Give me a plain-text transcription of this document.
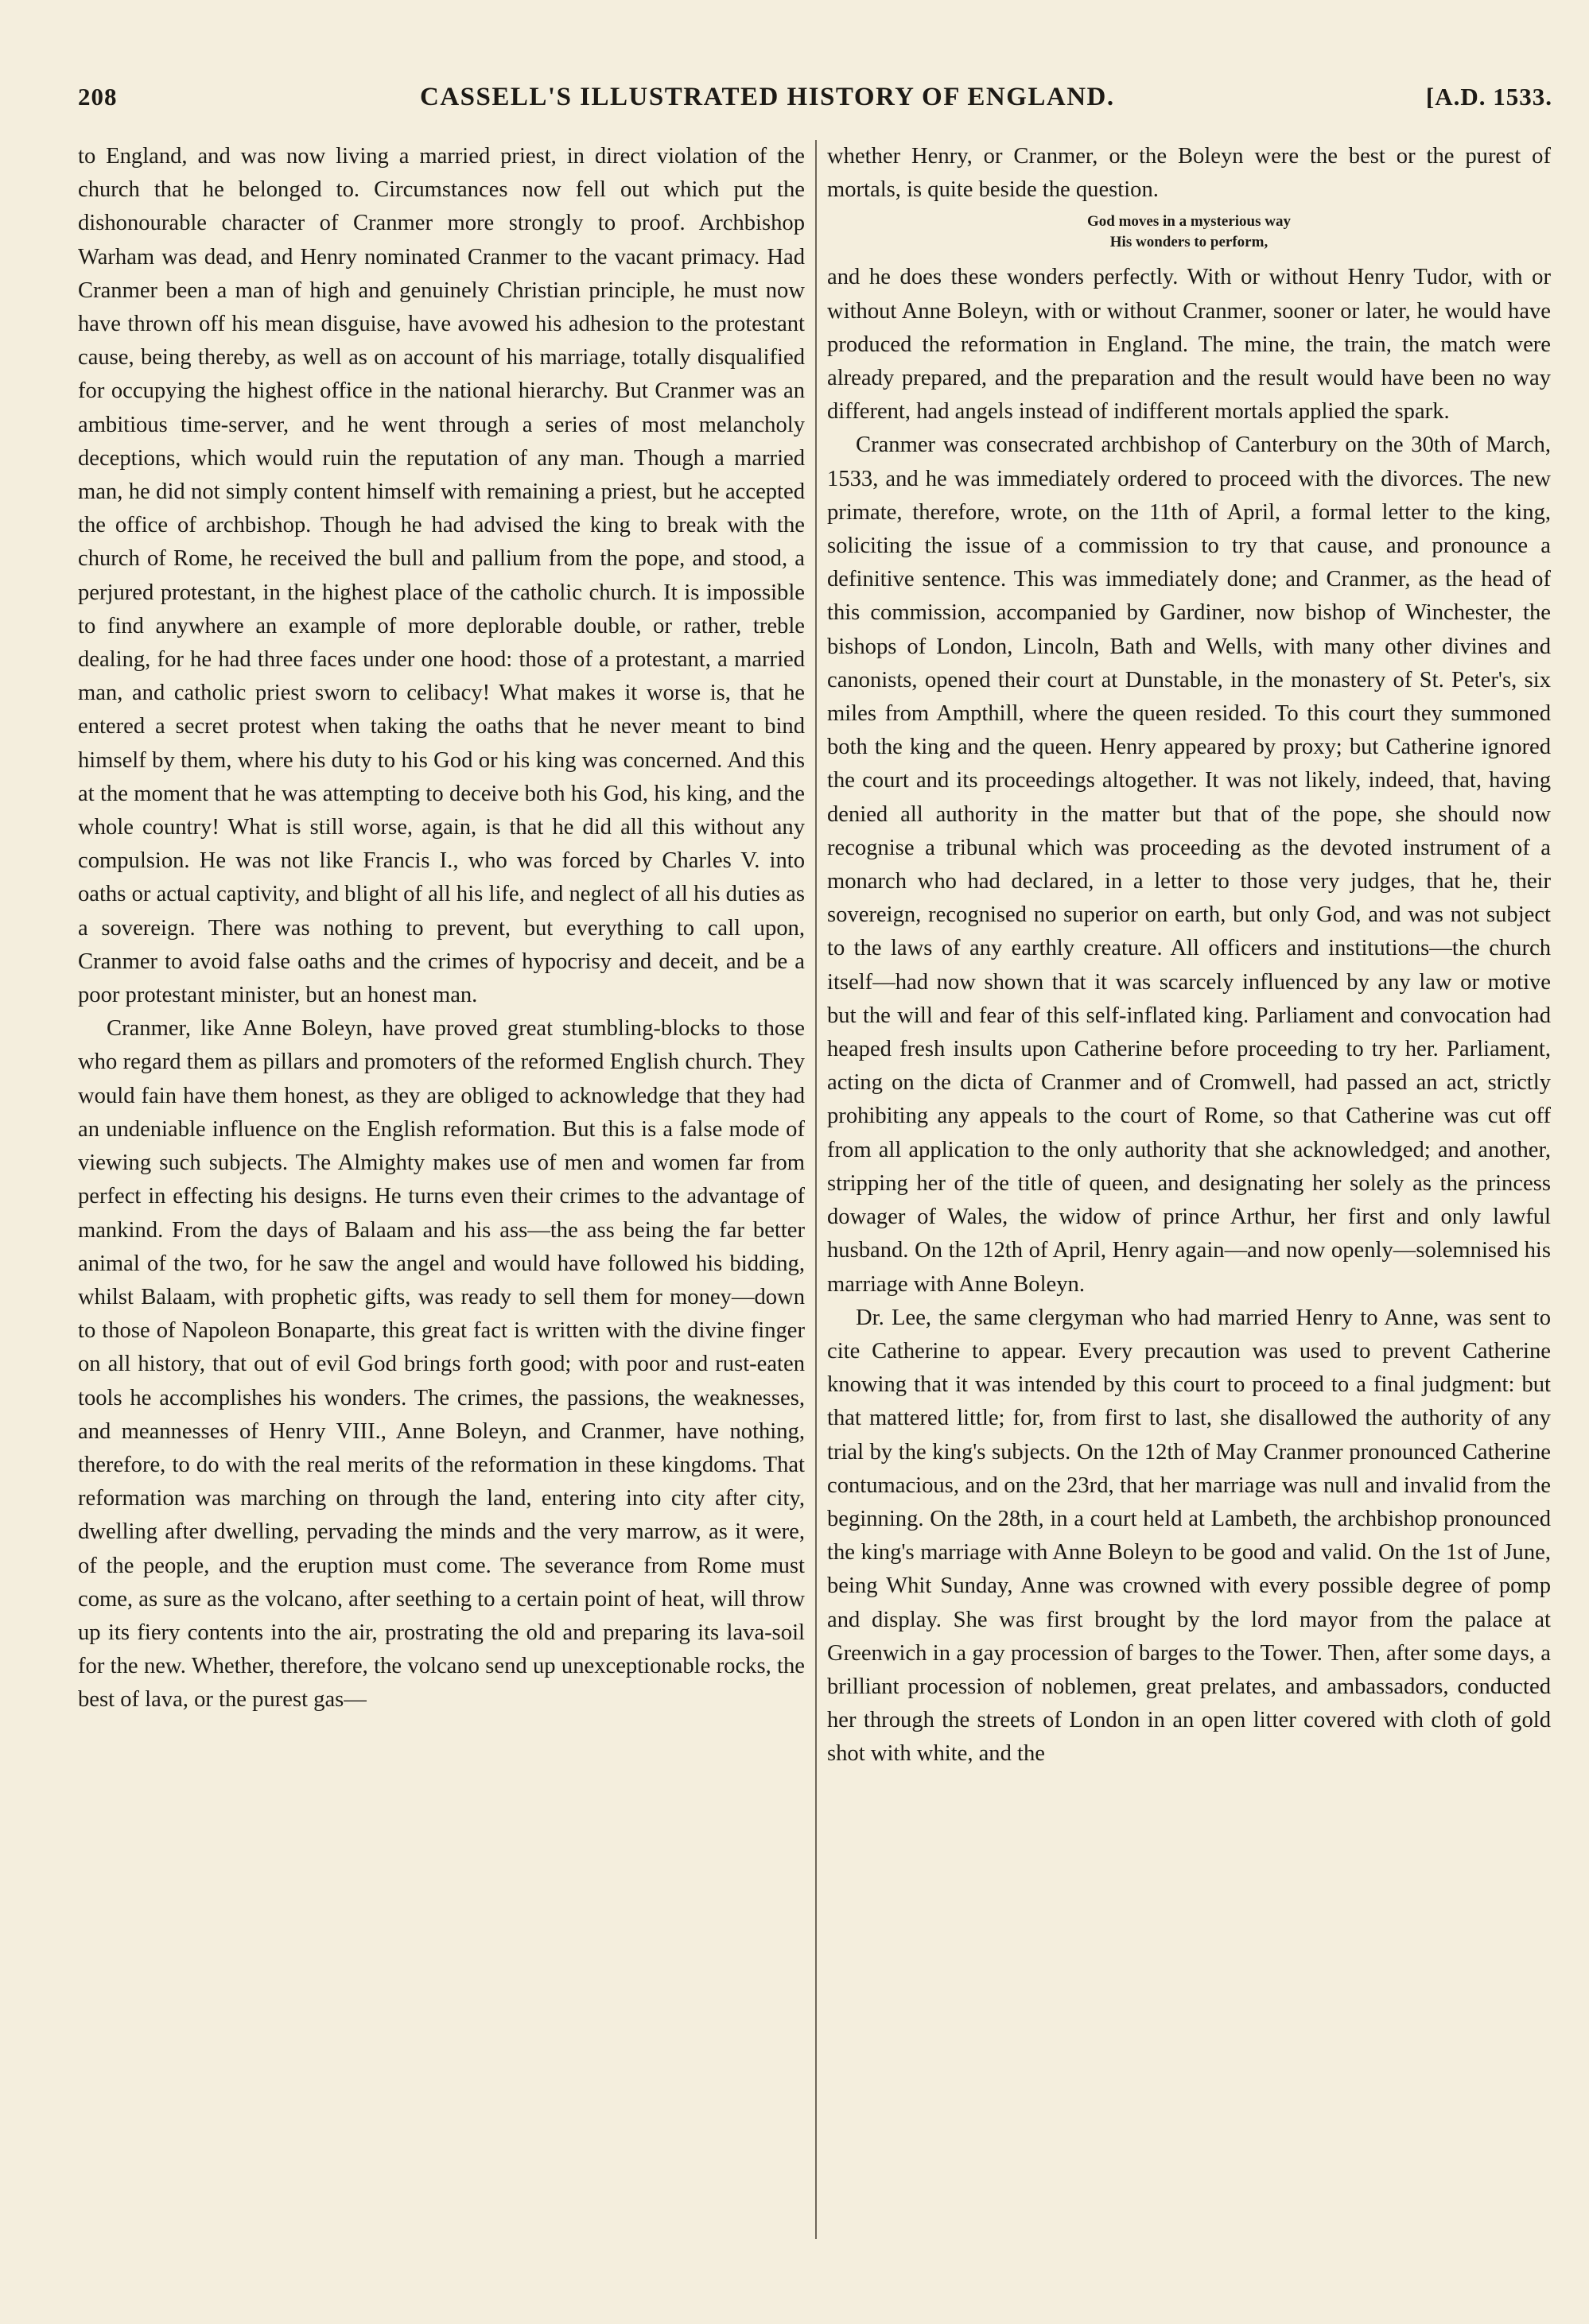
208	CASSELL'S ILLUSTRATED HISTORY OF ENGLAND.	[A.D. 1533.

to England, and was now living a married priest, in direct violation of the church that he belonged to. Circumstances now fell out which put the dishonourable character of Cranmer more strongly to proof. Archbishop Warham was dead, and Henry nominated Cranmer to the vacant primacy. Had Cranmer been a man of high and genuinely Christian principle, he must now have thrown off his mean disguise, have avowed his adhesion to the protestant cause, being thereby, as well as on account of his marriage, totally disqualified for occupying the highest office in the national hierarchy. But Cranmer was an ambitious time-server, and he went through a series of most melancholy deceptions, which would ruin the reputation of any man. Though a married man, he did not simply content himself with remaining a priest, but he accepted the office of archbishop. Though he had advised the king to break with the church of Rome, he received the bull and pallium from the pope, and stood, a perjured protestant, in the highest place of the catholic church. It is impossible to find anywhere an example of more deplorable double, or rather, treble dealing, for he had three faces under one hood: those of a protestant, a married man, and catholic priest sworn to celibacy! What makes it worse is, that he entered a secret protest when taking the oaths that he never meant to bind himself by them, where his duty to his God or his king was concerned. And this at the moment that he was attempting to deceive both his God, his king, and the whole country! What is still worse, again, is that he did all this without any compulsion. He was not like Francis I., who was forced by Charles V. into oaths or actual captivity, and blight of all his life, and neglect of all his duties as a sovereign. There was nothing to prevent, but everything to call upon, Cranmer to avoid false oaths and the crimes of hypocrisy and deceit, and be a poor protestant minister, but an honest man.

Cranmer, like Anne Boleyn, have proved great stumbling-blocks to those who regard them as pillars and promoters of the reformed English church. They would fain have them honest, as they are obliged to acknowledge that they had an undeniable influence on the English reformation. But this is a false mode of viewing such subjects. The Almighty makes use of men and women far from perfect in effecting his designs. He turns even their crimes to the advantage of mankind. From the days of Balaam and his ass—the ass being the far better animal of the two, for he saw the angel and would have followed his bidding, whilst Balaam, with prophetic gifts, was ready to sell them for money—down to those of Napoleon Bonaparte, this great fact is written with the divine finger on all history, that out of evil God brings forth good; with poor and rust-eaten tools he accomplishes his wonders. The crimes, the passions, the weaknesses, and meannesses of Henry VIII., Anne Boleyn, and Cranmer, have nothing, therefore, to do with the real merits of the reformation in these kingdoms. That reformation was marching on through the land, entering into city after city, dwelling after dwelling, pervading the minds and the very marrow, as it were, of the people, and the eruption must come. The severance from Rome must come, as sure as the volcano, after seething to a certain point of heat, will throw up its fiery contents into the air, prostrating the old and preparing its lava-soil for the new. Whether, therefore, the volcano send up unexceptionable rocks, the best of lava, or the purest gas—

whether Henry, or Cranmer, or the Boleyn were the best or the purest of mortals, is quite beside the question.

God moves in a mysterious way
His wonders to perform,

and he does these wonders perfectly. With or without Henry Tudor, with or without Anne Boleyn, with or without Cranmer, sooner or later, he would have produced the reformation in England. The mine, the train, the match were already prepared, and the preparation and the result would have been no way different, had angels instead of indifferent mortals applied the spark.

Cranmer was consecrated archbishop of Canterbury on the 30th of March, 1533, and he was immediately ordered to proceed with the divorces. The new primate, therefore, wrote, on the 11th of April, a formal letter to the king, soliciting the issue of a commission to try that cause, and pronounce a definitive sentence. This was immediately done; and Cranmer, as the head of this commission, accompanied by Gardiner, now bishop of Winchester, the bishops of London, Lincoln, Bath and Wells, with many other divines and canonists, opened their court at Dunstable, in the monastery of St. Peter's, six miles from Ampthill, where the queen resided. To this court they summoned both the king and the queen. Henry appeared by proxy; but Catherine ignored the court and its proceedings altogether. It was not likely, indeed, that, having denied all authority in the matter but that of the pope, she should now recognise a tribunal which was proceeding as the devoted instrument of a monarch who had declared, in a letter to those very judges, that he, their sovereign, recognised no superior on earth, but only God, and was not subject to the laws of any earthly creature. All officers and institutions—the church itself—had now shown that it was scarcely influenced by any law or motive but the will and fear of this self-inflated king. Parliament and convocation had heaped fresh insults upon Catherine before proceeding to try her. Parliament, acting on the dicta of Cranmer and of Cromwell, had passed an act, strictly prohibiting any appeals to the court of Rome, so that Catherine was cut off from all application to the only authority that she acknowledged; and another, stripping her of the title of queen, and designating her solely as the princess dowager of Wales, the widow of prince Arthur, her first and only lawful husband. On the 12th of April, Henry again—and now openly—solemnised his marriage with Anne Boleyn.

Dr. Lee, the same clergyman who had married Henry to Anne, was sent to cite Catherine to appear. Every precaution was used to prevent Catherine knowing that it was intended by this court to proceed to a final judgment: but that mattered little; for, from first to last, she disallowed the authority of any trial by the king's subjects. On the 12th of May Cranmer pronounced Catherine contumacious, and on the 23rd, that her marriage was null and invalid from the beginning. On the 28th, in a court held at Lambeth, the archbishop pronounced the king's marriage with Anne Boleyn to be good and valid. On the 1st of June, being Whit Sunday, Anne was crowned with every possible degree of pomp and display. She was first brought by the lord mayor from the palace at Greenwich in a gay procession of barges to the Tower. Then, after some days, a brilliant procession of noblemen, great prelates, and ambassadors, conducted her through the streets of London in an open litter covered with cloth of gold shot with white, and the
